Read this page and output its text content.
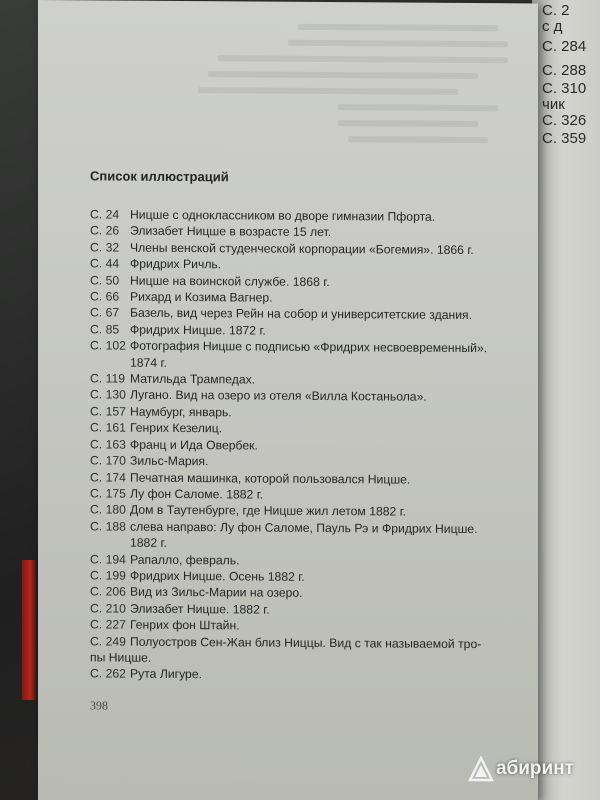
С. 2
с д
С. 284
С. 288
С. 310
чик
С. 326
С. 359
Список иллюстраций
С. 24 Ницше с одноклассником во дворе гимназии Пфорта.
С. 26 Элизабет Ницше в возрасте 15 лет.
С. 32 Члены венской студенческой корпорации «Богемия». 1866 г.
С. 44 Фридрих Ричль.
С. 50 Ницше на воинской службе. 1868 г.
С. 66 Рихард и Козима Вагнер.
С. 67 Базель, вид через Рейн на собор и университетские здания.
С. 85 Фридрих Ницше. 1872 г.
С. 102 Фотография Ницше с подписью «Фридрих несвоевременный».
1874 г.
С. 119 Матильда Трампедах.
С. 130 Лугано. Вид на озеро из отеля «Вилла Костаньола».
С. 157 Наумбург, январь.
С. 161 Генрих Кезелиц.
С. 163 Франц и Ида Овербек.
С. 170 Зильс-Мария.
С. 174 Печатная машинка, которой пользовался Ницше.
С. 175 Лу фон Саломе. 1882 г.
С. 180 Дом в Таутенбурге, где Ницше жил летом 1882 г.
С. 188 слева направо: Лу фон Саломе, Пауль Рэ и Фридрих Ницше.
1882 г.
С. 194 Рапалло, февраль.
С. 199 Фридрих Ницше. Осень 1882 г.
С. 206 Вид из Зильс-Марии на озеро.
С. 210 Элизабет Ницше. 1882 г.
С. 227 Генрих фон Штайн.
С. 249 Полуостров Сен-Жан близ Ниццы. Вид с так называемой тро-
пы Ницше.
С. 262 Рута Лигуре.
398
абиринт
